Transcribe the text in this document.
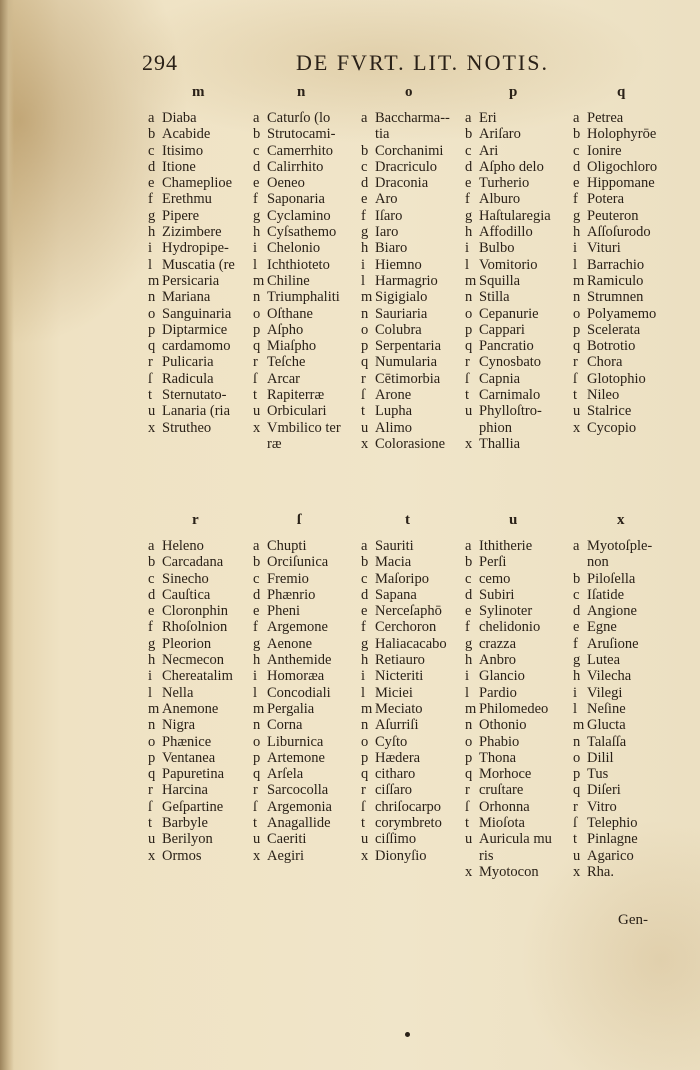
294	DE FVRT. LIT. NOTIS.
m
a Diaba
b Acabide
c Itisimo
d Itione
e Chameplioe
f Erethmu
g Pipere
h Zizimbere
i Hydropipe-
l Muscatia (re
m Persicaria
n Mariana
o Sanguinaria
p Diptarmice
q cardamomo
r Pulicaria
ſ Radicula
t Sternutato-
u Lanaria (ria
x Strutheo
n
a Caturſo (lo
b Strutocami-
c Camerrhito
d Calirrhito
e Oeneo
f Saponaria
g Cyclamino
h Cyſsathemo
i Chelonio
l Ichthioteto
m Chiline
n Triumphaliti
o Oſthane
p Aſpho
q Miaſpho
r Teſche
ſ Arcar
t Rapiterræ
u Orbiculari
x Vmbilico ter
ræ
o
a Baccharma--
tia
b Corchanimi
c Dracriculo
d Draconia
e Aro
f Iſaro
g Iaro
h Biaro
i Hiemno
l Harmagrio
m Sigigialo
n Sauriaria
o Colubra
p Serpentaria
q Numularia
r Cētimorbia
ſ Arone
t Lupha
u Alimo
x Colorasione
p
a Eri
b Ariſaro
c Ari
d Aſpho delo
e Turherio
f Alburo
g Haſtularegia
h Affodillo
i Bulbo
l Vomitorio
m Squilla
n Stilla
o Cepanurie
p Cappari
q Pancratio
r Cynosbato
ſ Capnia
t Carnimalo
u Phylloſtro-
phion
x Thallia
q
a Petrea
b Holophyrōe
c Ionire
d Oligochloro
e Hippomane
f Potera
g Peuteron
h Aſſoſurodo
i Vituri
l Barrachio
m Ramiculo
n Strumnen
o Polyamemo
p Scelerata
q Botrotio
r Chora
ſ Glotophio
t Nileo
u Stalrice
x Cycopio
r
a Heleno
b Carcadana
c Sinecho
d Cauſtica
e Cloronphin
f Rhoſolnion
g Pleorion
h Necmecon
i Chereatalim
l Nella
m Anemone
n Nigra
o Phænice
p Ventanea
q Papuretina
r Harcina
ſ Geſpartine
t Barbyle
u Berilyon
x Ormos
ſ
a Chupti
b Orciſunica
c Fremio
d Phænrio
e Pheni
f Argemone
g Aenone
h Anthemide
i Homoræa
l Concodiali
m Pergalia
n Corna
o Liburnica
p Artemone
q Arſela
r Sarcocolla
ſ Argemonia
t Anagallide
u Caeriti
x Aegiri
t
a Sauriti
b Macia
c Maſoripo
d Sapana
e Nerceſaphō
f Cerchoron
g Haliacacabo
h Retiauro
i Nicteriti
l Miciei
m Meciato
n Aſurriſi
o Cyſto
p Hædera
q citharo
r ciſſaro
ſ chriſocarpo
t corymbreto
u ciſſimo
x Dionyſio
u
a Ithitherie
b Perſi
c cemo
d Subiri
e Sylinoter
f chelidonio
g crazza
h Anbro
i Glancio
l Pardio
m Philomedeo
n Othonio
o Phabio
p Thona
q Morhoce
r cruſtare
ſ Orhonna
t Mioſota
u Auricula mu
ris
x Myotocon
x
a Myotoſple-
non
b Piloſella
c Iſatide
d Angione
e Egne
f Aruſione
g Lutea
h Vilecha
i Vilegi
l Neſine
m Glucta
n Talaſſa
o Dilil
p Tus
q Diſeri
r Vitro
ſ Telephio
t Pinlagne
u Agarico
x Rha.
Gen-
